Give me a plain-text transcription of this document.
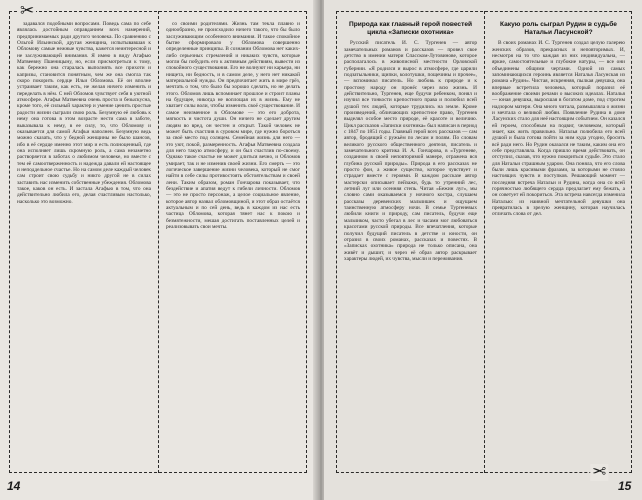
✂

задавался подобными вопросами. Поведь сама по себе являлась достойным оправданием всех намерений, предпринимаемых ради другого человека. По сравнению с Ольгой Ильинской, другая женщина, испытывавшая к Обломову самые нежные чувства, кажется неинтересной и не заслуживающей внимания. Я имею в виду Агафью Матвеевну Пшеницыну, но, если присмотреться к тому, как бережно она старалась выполнять все прихоти и капризы, становится понятным, чем же она смогла так скоро покорить сердце Ильи Обломова. Её он вполне устраивает таким, как есть, не желая ничего изменить и переделать в нём. С ней Обломов чувствует себя в уютной атмосфере. Агафья Матвеевна очень проста и безыскусна, кроме того, её сильный характер и умение ценить простые радости жизни сыграли свою роль. Безумную её любовь к нему она готова в этом возрасте нести сама в заботе, выказывала к нему, в ее силу, то, что Обломову и оказывается для самой Агафьи наполнен. Безумную ведь можно сказать, что у бедной женщины не было шансов, ибо в её сердце именно этот мир и есть полноценный, где она исполняет лишь скромную роль, а сама незаметно растворяется в заботах о любимом человеке, но вместе с тем её самоотверженность и надежда давали ей настоящее и неподдельное счастье. Но на самом деле каждый человек сам строит свою судьбу и никто другой не в силах заставить нас изменить собственные убеждения. Обломова такое, каков он есть. И застала Агафью в том, что она действительно любила его, делая счастливым настолько, насколько это возможно.

со своими родителями. Жизнь там текла плавно и однообразно, не происходило ничего такого, что бы было заслуживающим особенного внимания. И такое спокойное бытие сформировало у Обломова совершенно определенные принципы. В сознании Обломова нет каких-либо серьезных стремлений и никаких чувств, которые могли бы побудить его к активным действиям, вывести из спокойного существования. Его не волнуют ни карьера, ни нищета, ни бедность, и в самом деле, у него нет никакой материальной нужды. Он предпочитает жить в мире грёз, мечтать о том, что было бы хорошо сделать, но не делать этого. Обломов лишь вспоминает прошлое и строит планы на будущее, никогда не воплощая их в жизнь. Ему не хватает силы воли, чтобы изменить своё существование. И самое неизменное в Обломове — это его доброта, мягкость и чистота души. Он ничего не сделает другим людям во вред, он честен и открыт. Такой человек не может быть счастлив в суровом мире, где нужно бороться за своё место под солнцем. Семейная жизнь для него — это уют, покой, размеренность. Агафья Матвеевна создала для него такую атмосферу, и он был счастлив по-своему. Однако такое счастье не может длиться вечно, и Обломов умирает, так и не изменив своей жизни. Его смерть — это логическое завершение жизни человека, который не смог найти в себе силы противостоять обстоятельствам и своей лени. Таким образом, роман Гончарова показывает, что бездействие и апатия ведут к гибели личности. Обломов — это не просто персонаж, а целое социальное явление, которое автор назвал обломовщиной, и этот образ остаётся актуальным и по сей день, ведь в каждом из нас есть частица Обломова, которая тянет нас к покою и безмятежности, мешая достигать поставленных целей и реализовывать свои мечты.

14
✂
Природа как главный герой повестей цикла «Записки охотника»

Русский писатель И. С. Тургенев — автор замечательных романов и рассказов — провел свое детство в имении матери Спасском-Лутовинове, которое располагалось в живописной местности Орловской губернии. «Я родился и вырос в атмосфере, где царили подзатыльники, щипки, колотушки, пощечины и прочее», — вспоминал писатель. Но любовь к природе и к простому народу он пронёс через всю жизнь. И действительно, Тургенев, еще будучи ребенком, понял и изучил все тонкости крепостного права и полюбил всей душой тех людей, которые трудились на земле. Кроме произведений, обличающих крепостное право, Тургенев выделял особое место природе, её красоте и величию. Цикл рассказов «Записки охотника» был написан в период с 1847 по 1851 годы. Главный герой всех рассказов — сам автор, бродящий с ружьём по лесам и полям. По словам великого русского общественного деятеля, писатель и замечательного критика И. А. Гончарова, в «Тургеневе, созданном в своей неповторимой манере, отражена вся глубина русской природы». Природа в его рассказах не просто фон, а живое существо, которое чувствует и страдает вместе с героями. В каждом рассказе автор мастерски описывает пейзажи, будь то утренний лес, летний луг или осенняя степь. Читая «Бежин луг», мы словно сами оказываемся у ночного костра, слушаем рассказы деревенских мальчишек и ощущаем таинственную атмосферу ночи. В семье Тургеневых любили книги и природу, сам писатель, будучи еще мальчиком, часто убегал в лес и часами мог любоваться красотами русской природы. Все впечатления, которые получил будущий писатель в детстве и юности, он отразил в своих романах, рассказах и повестях. В «Записках охотника» природа не только описана, она живёт и дышит, и через её образ автор раскрывает характеры людей, их чувства, мысли и переживания.

Какую роль сыграл Рудин в судьбе Натальи Ласунской?

В своих романах И. С. Тургенев создал целую галерею женских образов, прекрасных и неповторимых. И, несмотря на то что каждая из них индивидуальна, — яркие, самостоятельные и глубокие натуры, — все они объединены общими чертами. Одной из самых запоминающихся героинь является Наталья Ласунская из романа «Рудин». Чистая, искренняя, пылкая девушка, она впервые встретила человека, который поразил её воображение своими речами о высоких идеалах. Наталья — юная девушка, выросшая в богатом доме, под строгим надзором матери. Она много читала, размышляла о жизни и мечтала о великой любви. Появление Рудина в доме Ласунских стало для неё настоящим событием. Он казался ей героем, способным на подвиг, человеком, который знает, как жить правильно. Наталья полюбила его всей душой и была готова пойти за ним куда угодно, бросить всё ради него. Но Рудин оказался не таким, каким она его себе представляла. Когда пришло время действовать, он отступил, сказав, что нужно покориться судьбе. Это стало для Натальи страшным ударом. Она поняла, что его слова были лишь красивыми фразами, за которыми не стояло настоящих чувств и поступков. Решающий момент — последняя встреча Натальи и Рудина, когда она со всей горячностью любящего сердца предлагает ему бежать, а он советует ей покориться. Эта встреча навсегда изменила Наталью: из наивной мечтательной девушки она превратилась в зрелую женщину, которая научилась отличать слова от дел.

15
